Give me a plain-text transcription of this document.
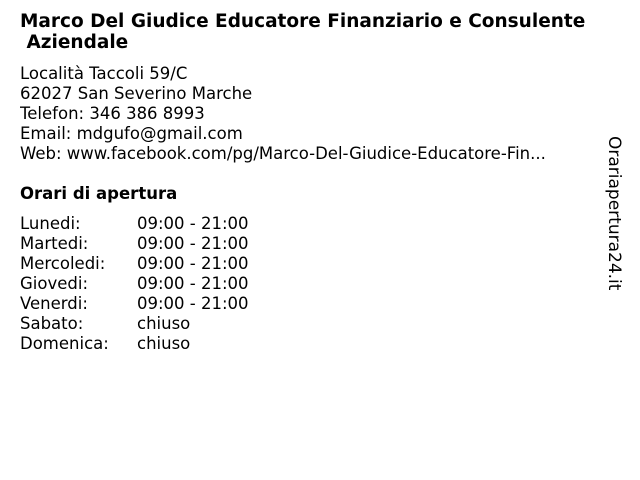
Marco Del Giudice Educatore Finanziario e Consulente
Aziendale
Località Taccoli 59/C
62027 San Severino Marche
Telefon: 346 386 8993
Email: mdgufo@gmail.com
Web: www.facebook.com/pg/Marco-Del-Giudice-Educatore-Fin...
Orari di apertura
Lunedi:	09:00 - 21:00
Martedi:	09:00 - 21:00
Mercoledi:	09:00 - 21:00
Giovedi:	09:00 - 21:00
Venerdi:	09:00 - 21:00
Sabato:	chiuso
Domenica:	chiuso
Orariapertura24.it
